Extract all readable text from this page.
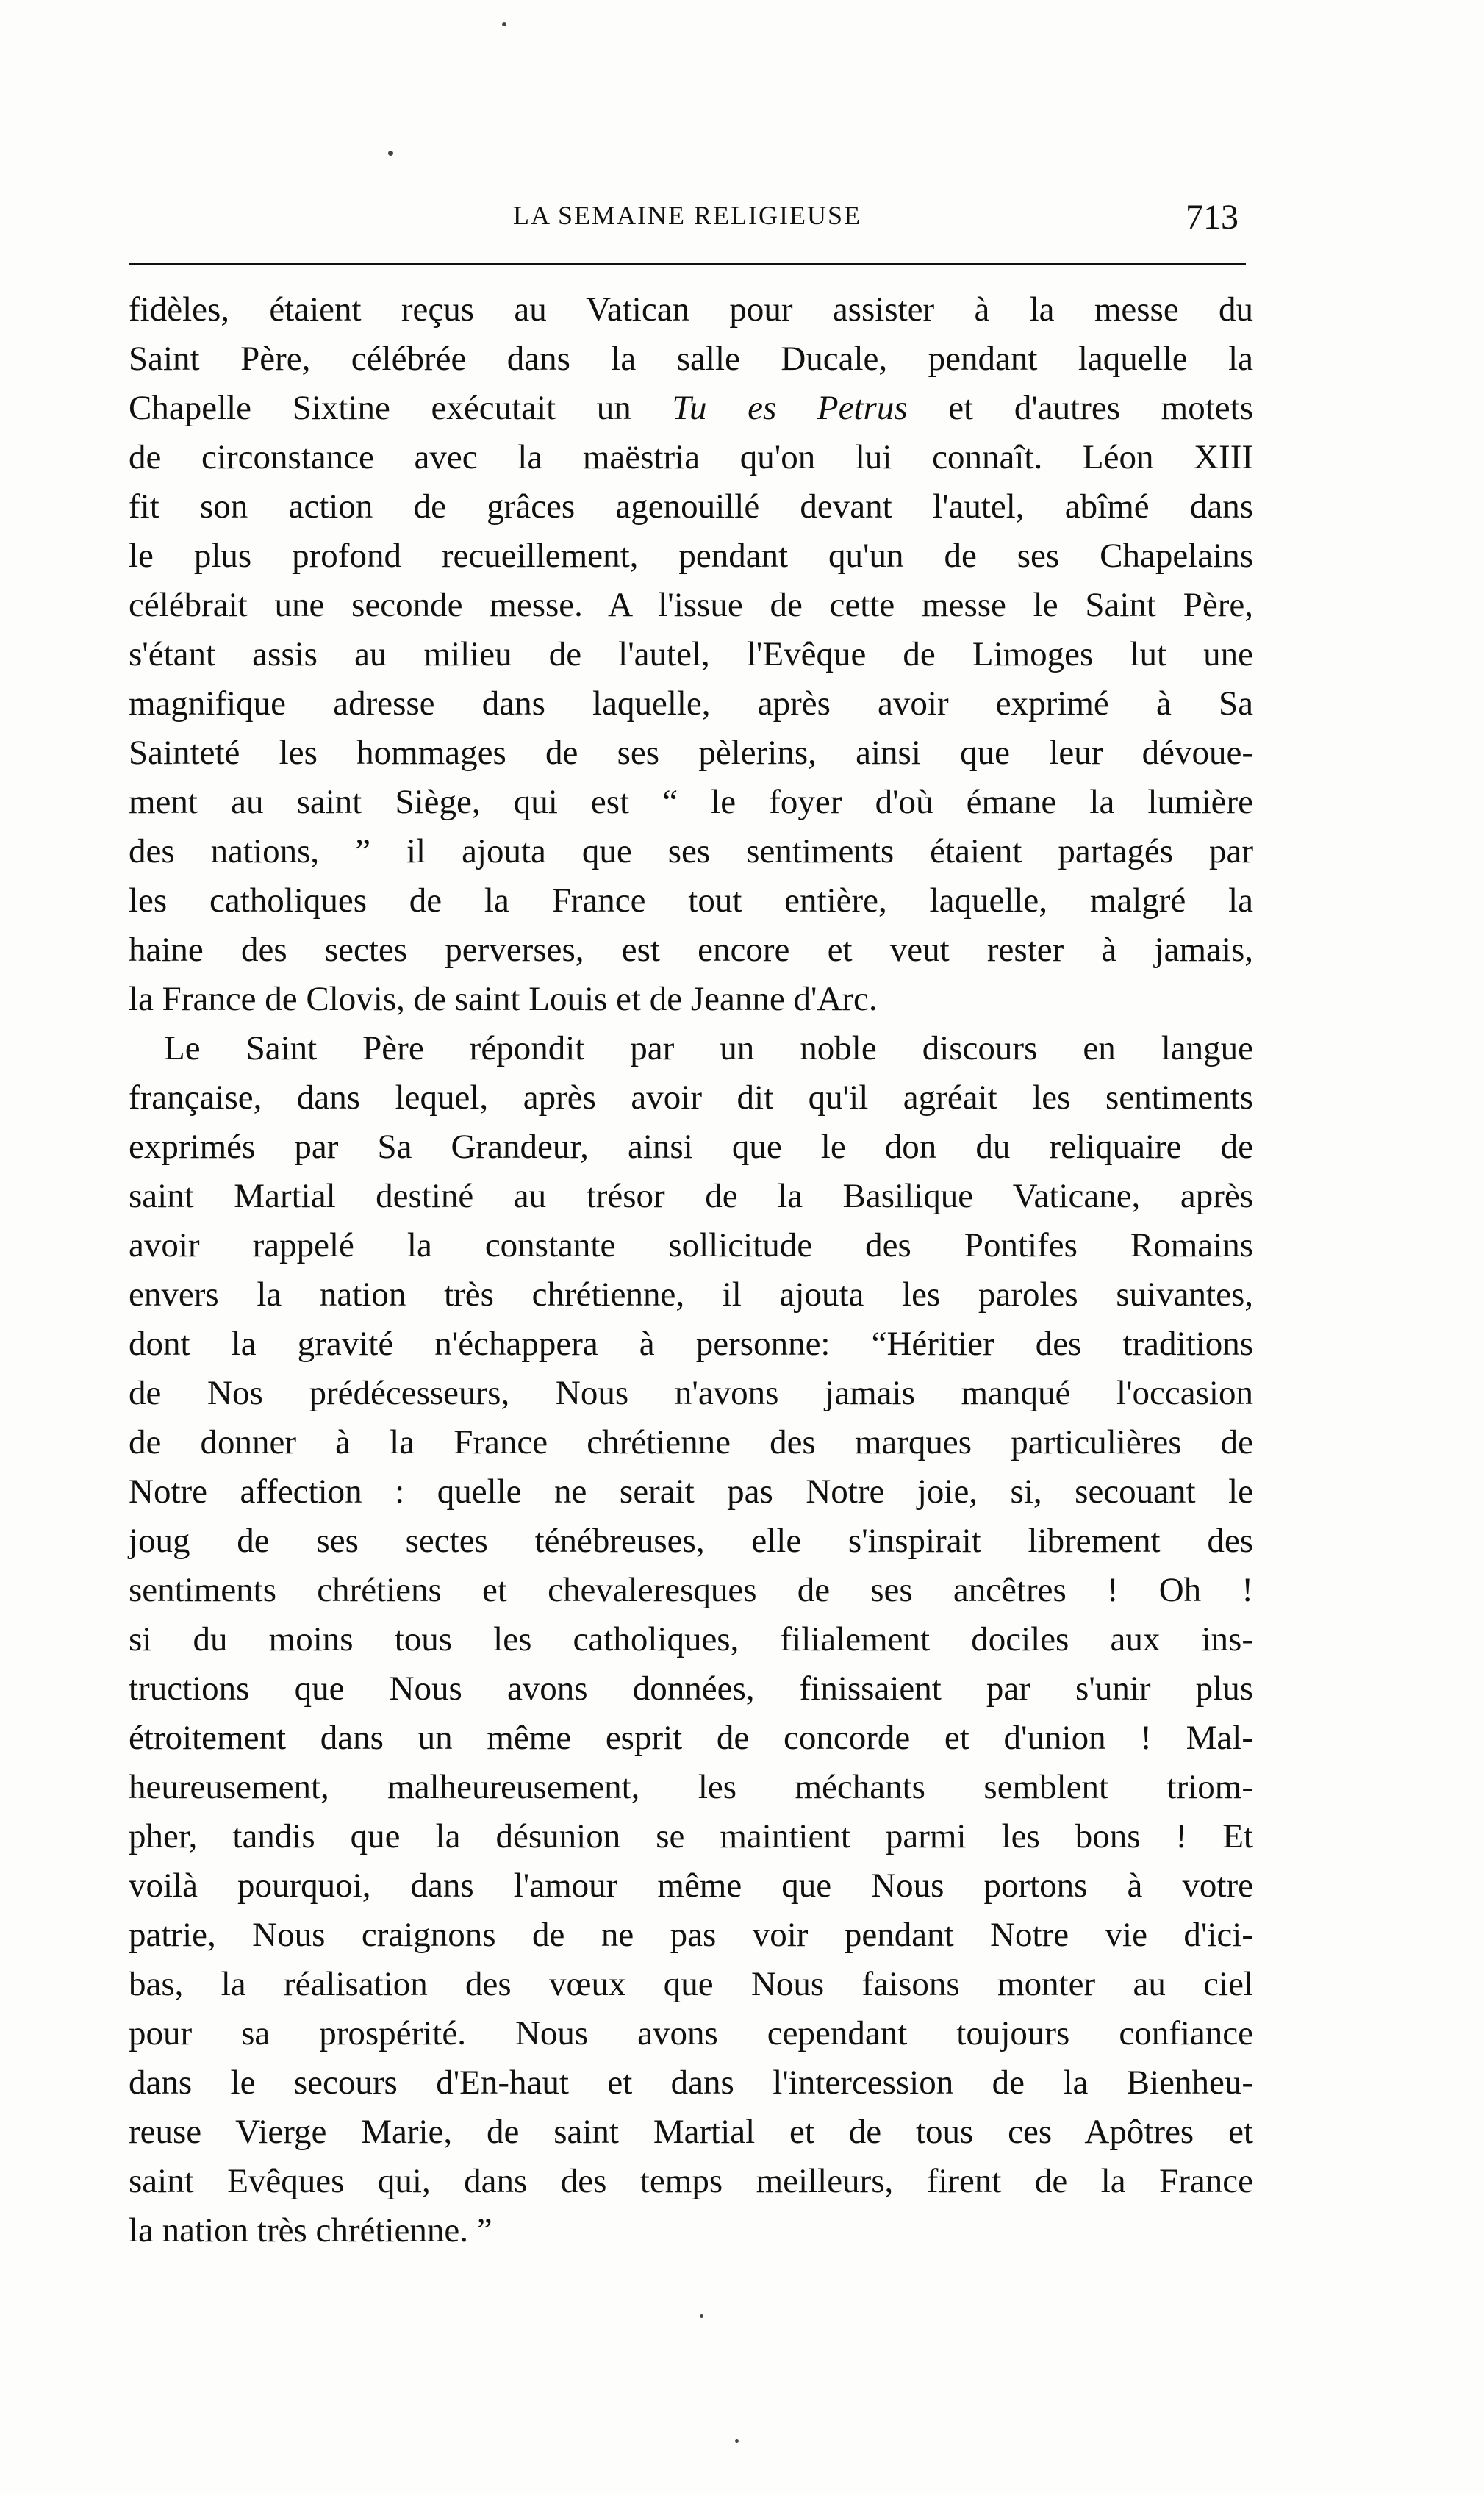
LA SEMAINE RELIGIEUSE	713
fidèles, étaient reçus au Vatican pour assister à la messe du
Saint Père, célébrée dans la salle Ducale, pendant laquelle la
Chapelle Sixtine exécutait un Tu es Petrus et d'autres motets
de circonstance avec la maëstria qu'on lui connaît. Léon XIII
fit son action de grâces agenouillé devant l'autel, abîmé dans
le plus profond recueillement, pendant qu'un de ses Chapelains
célébrait une seconde messe. A l'issue de cette messe le Saint Père,
s'étant assis au milieu de l'autel, l'Evêque de Limoges lut une
magnifique adresse dans laquelle, après avoir exprimé à Sa
Sainteté les hommages de ses pèlerins, ainsi que leur dévoue-
ment au saint Siège, qui est “ le foyer d'où émane la lumière
des nations, ” il ajouta que ses sentiments étaient partagés par
les catholiques de la France tout entière, laquelle, malgré la
haine des sectes perverses, est encore et veut rester à jamais,
la France de Clovis, de saint Louis et de Jeanne d'Arc.
Le Saint Père répondit par un noble discours en langue
française, dans lequel, après avoir dit qu'il agréait les sentiments
exprimés par Sa Grandeur, ainsi que le don du reliquaire de
saint Martial destiné au trésor de la Basilique Vaticane, après
avoir rappelé la constante sollicitude des Pontifes Romains
envers la nation très chrétienne, il ajouta les paroles suivantes,
dont la gravité n'échappera à personne: “Héritier des traditions
de Nos prédécesseurs, Nous n'avons jamais manqué l'occasion
de donner à la France chrétienne des marques particulières de
Notre affection : quelle ne serait pas Notre joie, si, secouant le
joug de ses sectes ténébreuses, elle s'inspirait librement des
sentiments chrétiens et chevaleresques de ses ancêtres ! Oh !
si du moins tous les catholiques, filialement dociles aux ins-
tructions que Nous avons données, finissaient par s'unir plus
étroitement dans un même esprit de concorde et d'union ! Mal-
heureusement, malheureusement, les méchants semblent triom-
pher, tandis que la désunion se maintient parmi les bons ! Et
voilà pourquoi, dans l'amour même que Nous portons à votre
patrie, Nous craignons de ne pas voir pendant Notre vie d'ici-
bas, la réalisation des vœux que Nous faisons monter au ciel
pour sa prospérité. Nous avons cependant toujours confiance
dans le secours d'En-haut et dans l'intercession de la Bienheu-
reuse Vierge Marie, de saint Martial et de tous ces Apôtres et
saint Evêques qui, dans des temps meilleurs, firent de la France
la nation très chrétienne. ”
